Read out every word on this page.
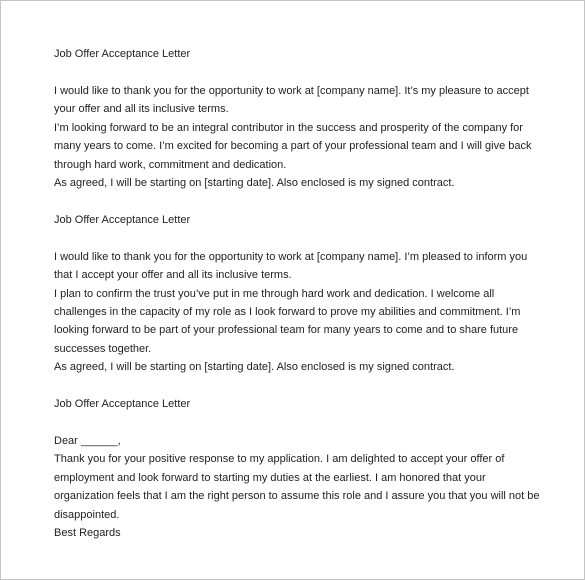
Job Offer Acceptance Letter
I would like to thank you for the opportunity to work at [company name]. It’s my pleasure to accept
your offer and all its inclusive terms.
I’m looking forward to be an integral contributor in the success and prosperity of the company for
many years to come. I’m excited for becoming a part of your professional team and I will give back
through hard work, commitment and dedication.
As agreed, I will be starting on [starting date]. Also enclosed is my signed contract.
Job Offer Acceptance Letter
I would like to thank you for the opportunity to work at [company name]. I’m pleased to inform you
that I accept your offer and all its inclusive terms.
I plan to confirm the trust you’ve put in me through hard work and dedication. I welcome all
challenges in the capacity of my role as I look forward to prove my abilities and commitment. I’m
looking forward to be part of your professional team for many years to come and to share future
successes together.
As agreed, I will be starting on [starting date]. Also enclosed is my signed contract.
Job Offer Acceptance Letter
Dear ______,
Thank you for your positive response to my application. I am delighted to accept your offer of
employment and look forward to starting my duties at the earliest. I am honored that your
organization feels that I am the right person to assume this role and I assure you that you will not be
disappointed.
Best Regards
